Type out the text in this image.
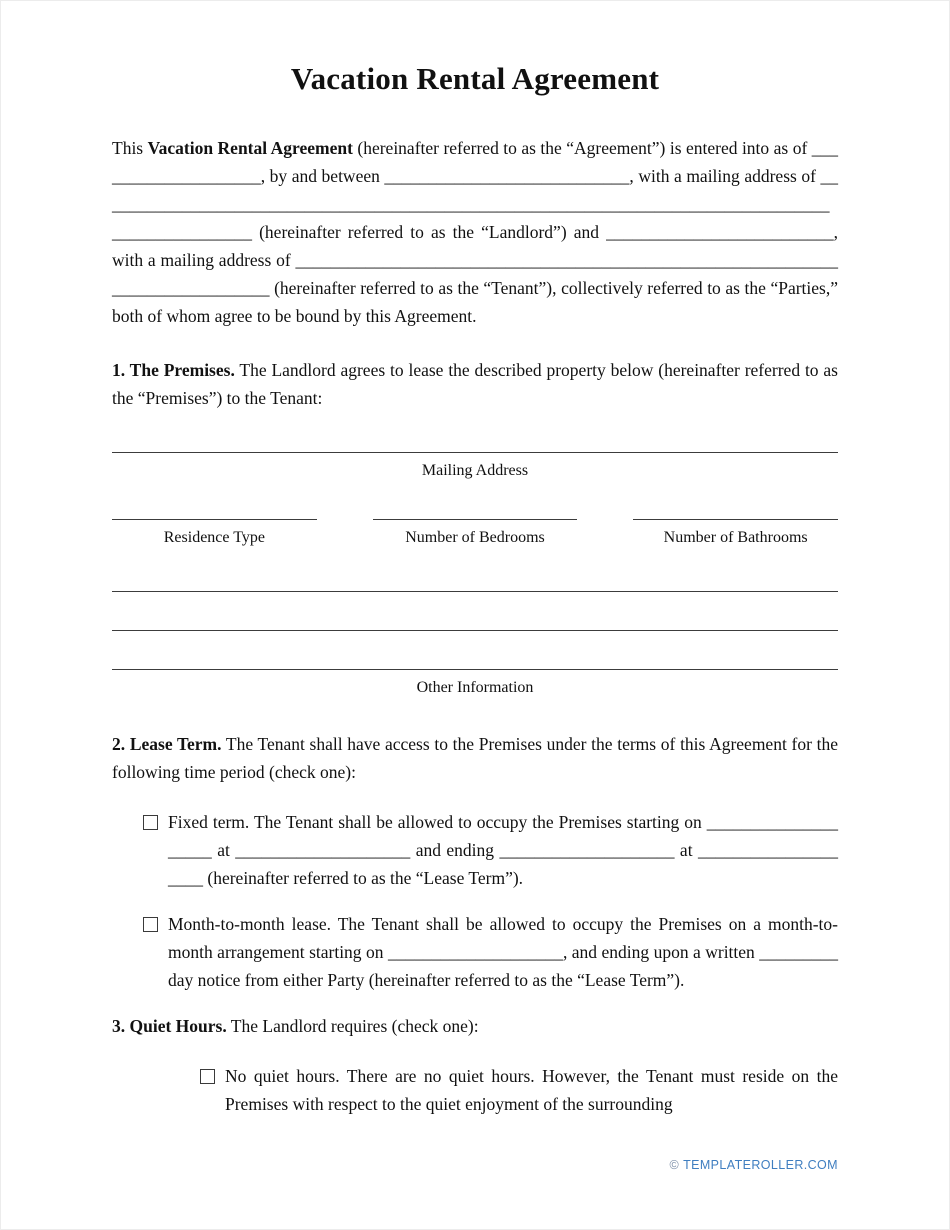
Vacation Rental Agreement

This Vacation Rental Agreement (hereinafter referred to as the “Agreement”) is entered into as of ____________________, by and between ____________________________, with a mailing address of ____________________________________________________________________________________________________ (hereinafter referred to as the “Landlord”) and __________________________, with a mailing address of ________________________________________________________________________________ (hereinafter referred to as the “Tenant”), collectively referred to as the “Parties,” both of whom agree to be bound by this Agreement.

1. The Premises. The Landlord agrees to lease the described property below (hereinafter referred to as the “Premises”) to the Tenant:

Mailing Address
Residence Type	Number of Bedrooms	Number of Bathrooms
Other Information

2. Lease Term. The Tenant shall have access to the Premises under the terms of this Agreement for the following time period (check one):

Fixed term. The Tenant shall be allowed to occupy the Premises starting on ____________________ at ____________________ and ending ____________________ at ____________________ (hereinafter referred to as the “Lease Term”).

Month-to-month lease. The Tenant shall be allowed to occupy the Premises on a month-to-month arrangement starting on ____________________, and ending upon a written _________ day notice from either Party (hereinafter referred to as the “Lease Term”).

3. Quiet Hours. The Landlord requires (check one):

No quiet hours. There are no quiet hours. However, the Tenant must reside on the Premises with respect to the quiet enjoyment of the surrounding

© TEMPLATEROLLER.COM
